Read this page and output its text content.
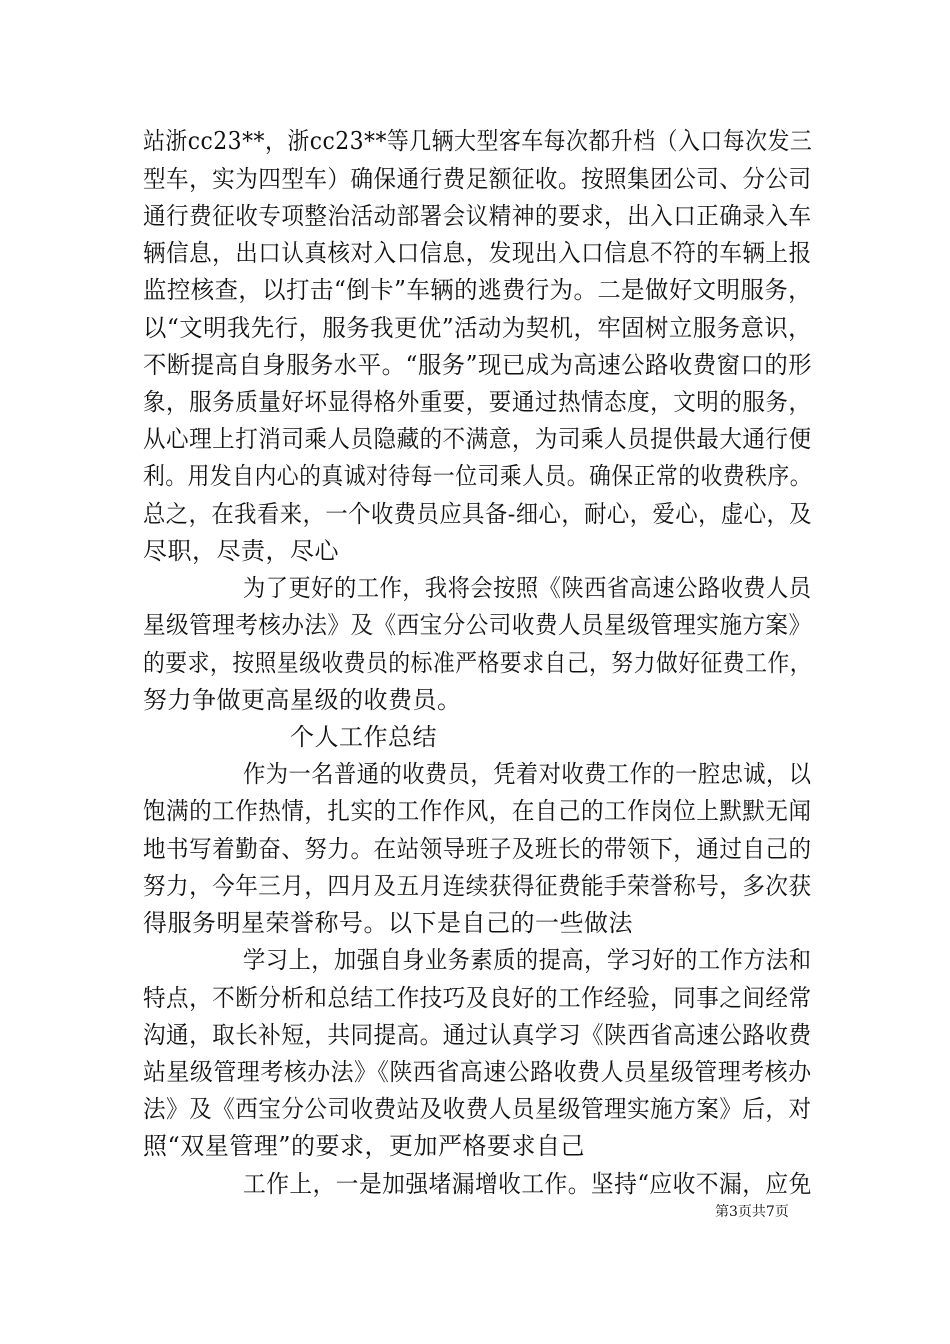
站浙cc23**，浙cc23**等几辆大型客车每次都升档（入口每次发三
型车，实为四型车）确保通行费足额征收。按照集团公司、分公司
通行费征收专项整治活动部署会议精神的要求，出入口正确录入车
辆信息，出口认真核对入口信息，发现出入口信息不符的车辆上报
监控核查，以打击“倒卡”车辆的逃费行为。二是做好文明服务，
以“文明我先行，服务我更优”活动为契机，牢固树立服务意识，
不断提高自身服务水平。“服务”现已成为高速公路收费窗口的形
象，服务质量好坏显得格外重要，要通过热情态度，文明的服务，
从心理上打消司乘人员隐藏的不满意，为司乘人员提供最大通行便
利。用发自内心的真诚对待每一位司乘人员。确保正常的收费秩序。
总之，在我看来，一个收费员应具备-细心，耐心，爱心，虚心，及
尽职，尽责，尽心
为了更好的工作，我将会按照《陕西省高速公路收费人员
星级管理考核办法》及《西宝分公司收费人员星级管理实施方案》
的要求，按照星级收费员的标准严格要求自己，努力做好征费工作，
努力争做更高星级的收费员。
个人工作总结
作为一名普通的收费员，凭着对收费工作的一腔忠诚，以
饱满的工作热情，扎实的工作作风，在自己的工作岗位上默默无闻
地书写着勤奋、努力。在站领导班子及班长的带领下，通过自己的
努力，今年三月，四月及五月连续获得征费能手荣誉称号，多次获
得服务明星荣誉称号。以下是自己的一些做法
学习上，加强自身业务素质的提高，学习好的工作方法和
特点，不断分析和总结工作技巧及良好的工作经验，同事之间经常
沟通，取长补短，共同提高。通过认真学习《陕西省高速公路收费
站星级管理考核办法》《陕西省高速公路收费人员星级管理考核办
法》及《西宝分公司收费站及收费人员星级管理实施方案》后，对
照“双星管理”的要求，更加严格要求自己
工作上，一是加强堵漏增收工作。坚持“应收不漏，应免
第3页共7页
